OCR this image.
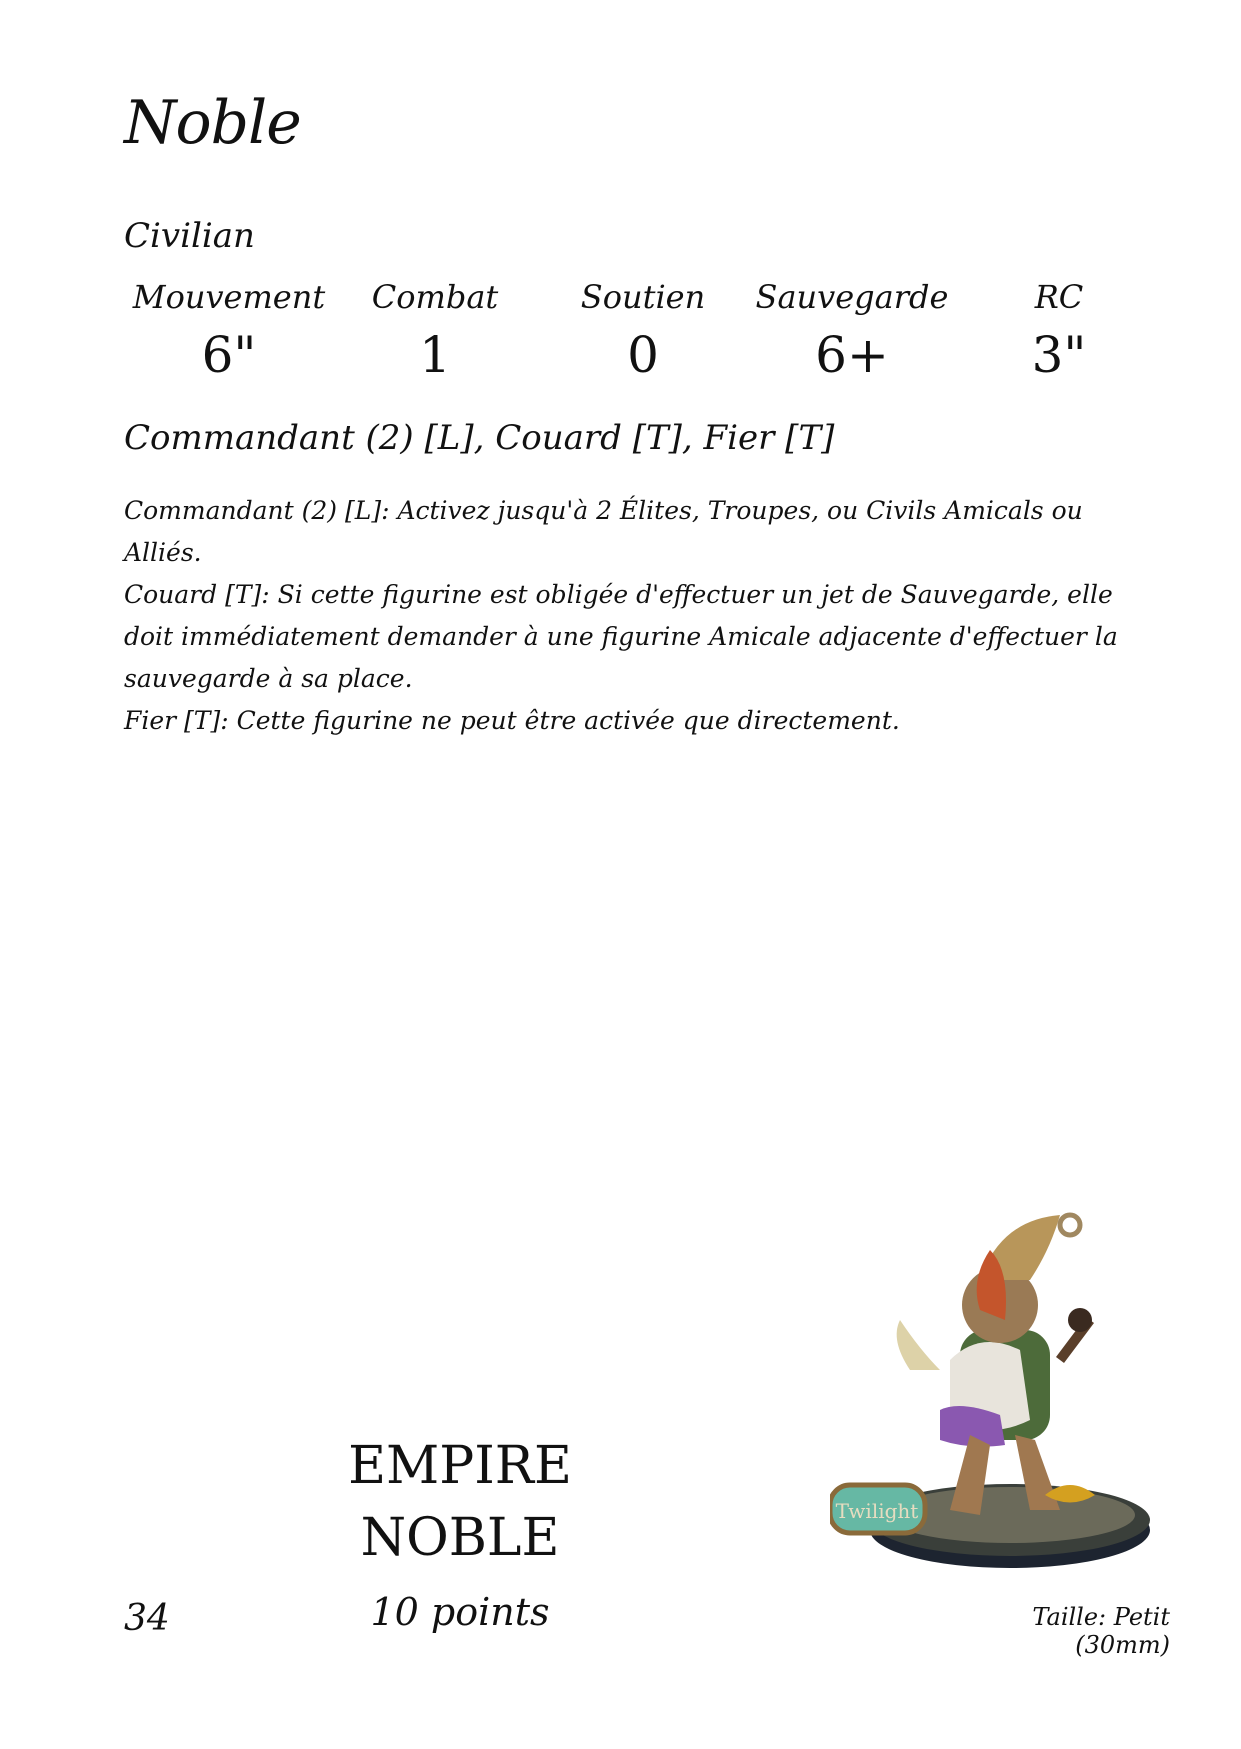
Noble
Civilian
Mouvement	Combat	Soutien	Sauvegarde	RC
6"	1	0	6+	3"
Commandant (2) [L], Couard [T], Fier [T]

Commandant (2) [L]: Activez jusqu'à 2 Élites, Troupes, ou Civils Amicals ou Alliés.

Couard [T]: Si cette figurine est obligée d'effectuer un jet de Sauvegarde, elle doit immédiatement demander à une figurine Amicale adjacente d'effectuer la sauvegarde à sa place.

Fier [T]: Cette figurine ne peut être activée que directement.

Twilight
EMPIRE
NOBLE
34	10 points	Taille: Petit (30mm)
